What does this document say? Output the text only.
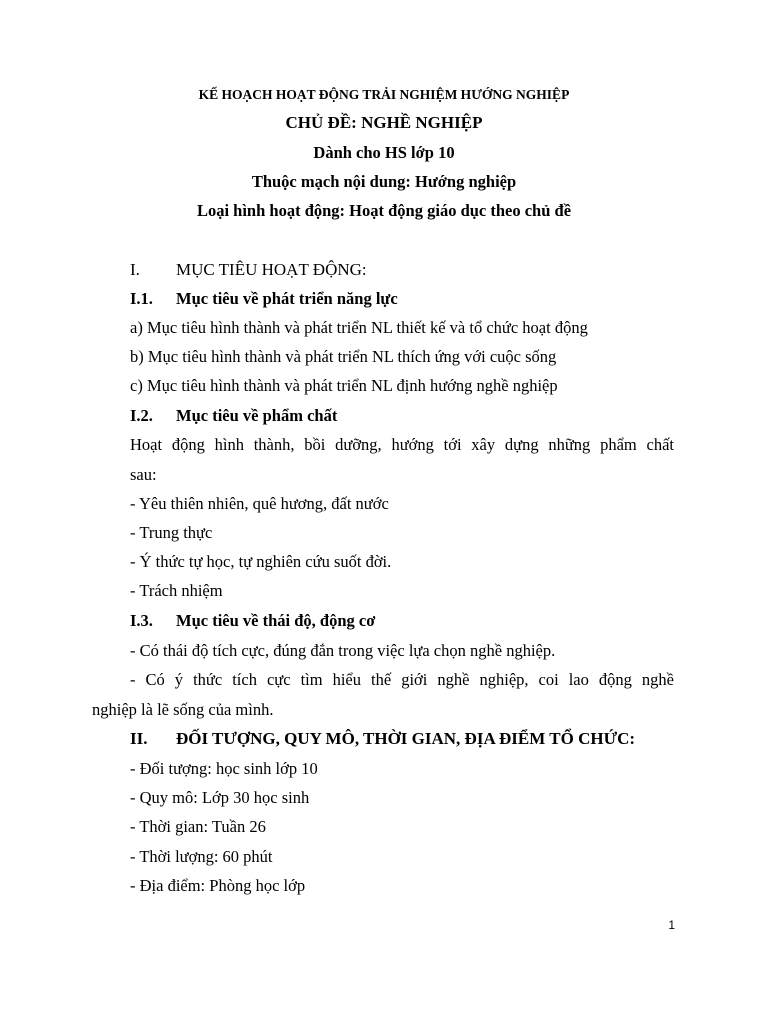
KẾ HOẠCH HOẠT ĐỘNG TRẢI NGHIỆM HƯỚNG NGHIỆP
CHỦ ĐỀ: NGHỀ NGHIỆP
Dành cho HS lớp 10
Thuộc mạch nội dung: Hướng nghiệp
Loại hình hoạt động: Hoạt động giáo dục theo chủ đề
I. MỤC TIÊU HOẠT ĐỘNG:
I.1. Mục tiêu về phát triển năng lực
a) Mục tiêu hình thành và phát triển NL thiết kế và tổ chức hoạt động
b) Mục tiêu hình thành và phát triển NL thích ứng với cuộc sống
c) Mục tiêu hình thành và phát triển NL định hướng nghề nghiệp
I.2. Mục tiêu về phẩm chất
Hoạt động hình thành, bồi dưỡng, hướng tới xây dựng những phẩm chất
sau:
- Yêu thiên nhiên, quê hương, đất nước
- Trung thực
- Ý thức tự học, tự nghiên cứu suốt đời.
- Trách nhiệm
I.3. Mục tiêu về thái độ, động cơ
- Có thái độ tích cực, đúng đắn trong việc lựa chọn nghề nghiệp.
- Có ý thức tích cực tìm hiểu thế giới nghề nghiệp, coi lao động nghề
nghiệp là lẽ sống của mình.
II. ĐỐI TƯỢNG, QUY MÔ, THỜI GIAN, ĐỊA ĐIỂM TỔ CHỨC:
- Đối tượng: học sinh lớp 10
- Quy mô: Lớp 30 học sinh
- Thời gian: Tuần 26
- Thời lượng: 60 phút
- Địa điểm: Phòng học lớp
1
